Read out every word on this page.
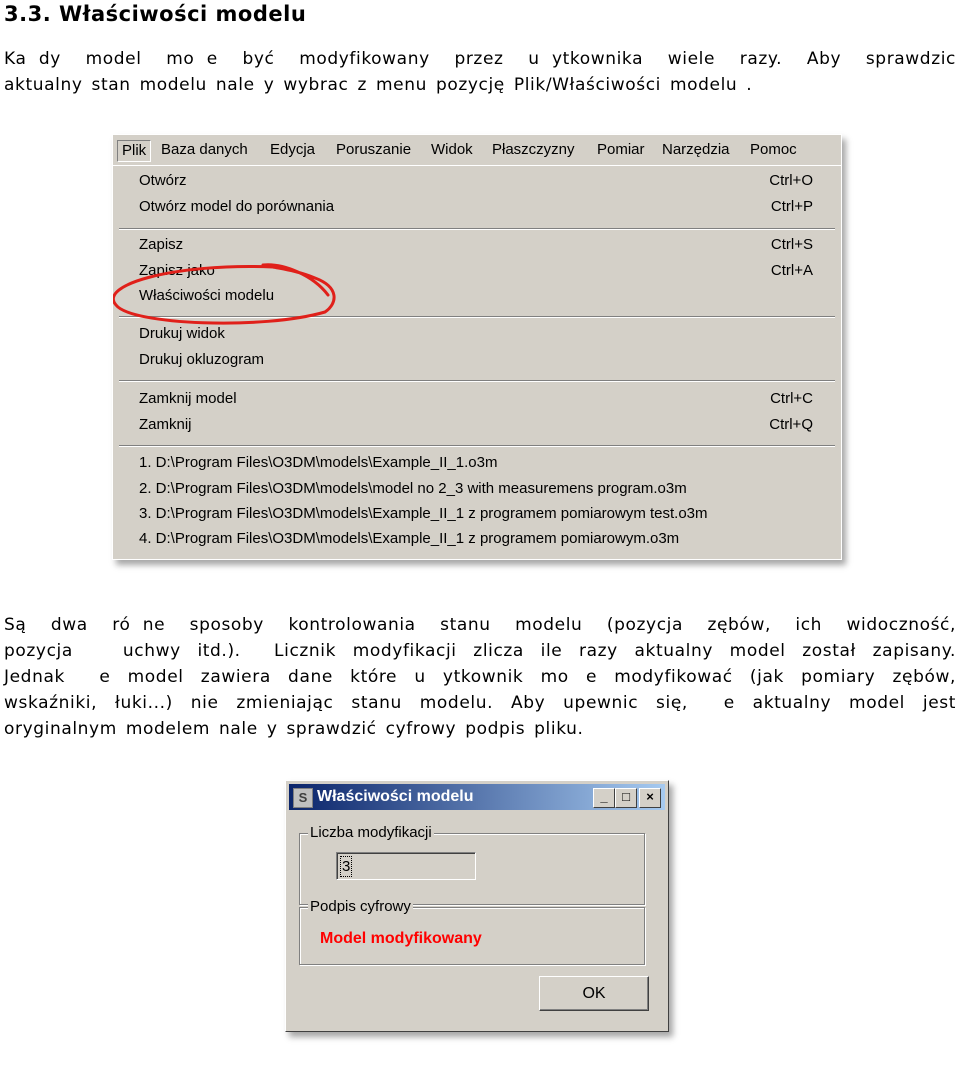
3.3. Właściwości modelu
Ka dy  model  mo e  być  modyfikowany  przez  u ytkownika  wiele  razy.  Aby  sprawdzic
aktualny stan modelu nale y wybrac z menu pozycję Plik/Właściwości modelu .
Plik Baza danych Edycja Poruszanie Widok Płaszczyzny Pomiar Narzędzia Pomoc
Otwórz	Ctrl+O
Otwórz model do porównania	Ctrl+P
Zapisz	Ctrl+S
Zapisz jako	Ctrl+A
Właściwości modelu
Drukuj widok
Drukuj okluzogram
Zamknij model	Ctrl+C
Zamknij	Ctrl+Q
1. D:\Program Files\O3DM\models\Example_II_1.o3m
2. D:\Program Files\O3DM\models\model no 2_3 with measuremens program.o3m
3. D:\Program Files\O3DM\models\Example_II_1 z programem pomiarowym test.o3m
4. D:\Program Files\O3DM\models\Example_II_1 z programem pomiarowym.o3m
Są  dwa  ró ne  sposoby  kontrolowania  stanu  modelu  (pozycja  zębów,  ich  widoczność,
pozycja   uchwy itd.).  Licznik modyfikacji zlicza ile razy aktualny model został zapisany.
Jednak  e model zawiera dane które u ytkownik mo e modyfikować (jak pomiary zębów,
wskaźniki, łuki...) nie zmieniając stanu modelu. Aby upewnic się,  e aktualny model jest
oryginalnym modelem nale y sprawdzić cyfrowy podpis pliku.
S Właściwości modelu	_	□	×
Liczba modyfikacji
3
Podpis cyfrowy
Model modyfikowany
OK
